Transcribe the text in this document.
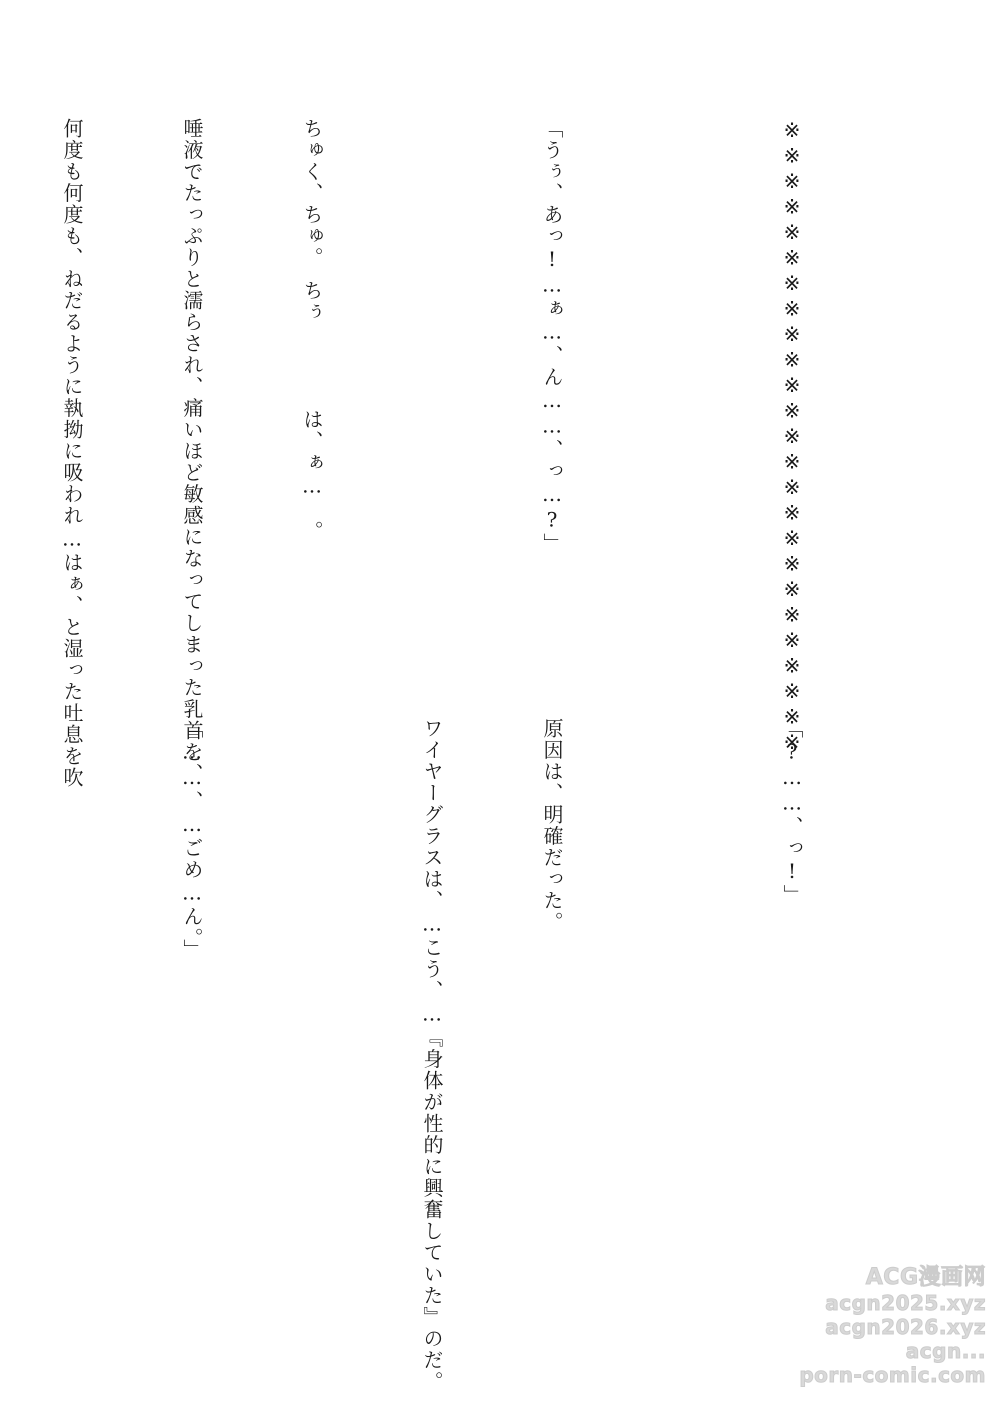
※※※※※※※※※※※※※※※※※※※※※※※※※

「うぅ、あっ!…ぁ…、ん……、っ…?」

ちゅく、ちゅ。　ちぅ　　　　は、ぁ…　。

唾液でたっぷりと濡らされ、痛いほど敏感になってしまった乳首を、

何度も何度も、ねだるように執拗に吸われ…はぁ、と湿った吐息を吹

「?……、っ!」

原因は、明確だった。

ワイヤーグラスは、…こう、…『身体が性的に興奮していた』のだ。

「……、…ごめ…ん。」

ACG漫画网
acgn2025.xyz
acgn2026.xyz
acgn...
porn-comic.com
